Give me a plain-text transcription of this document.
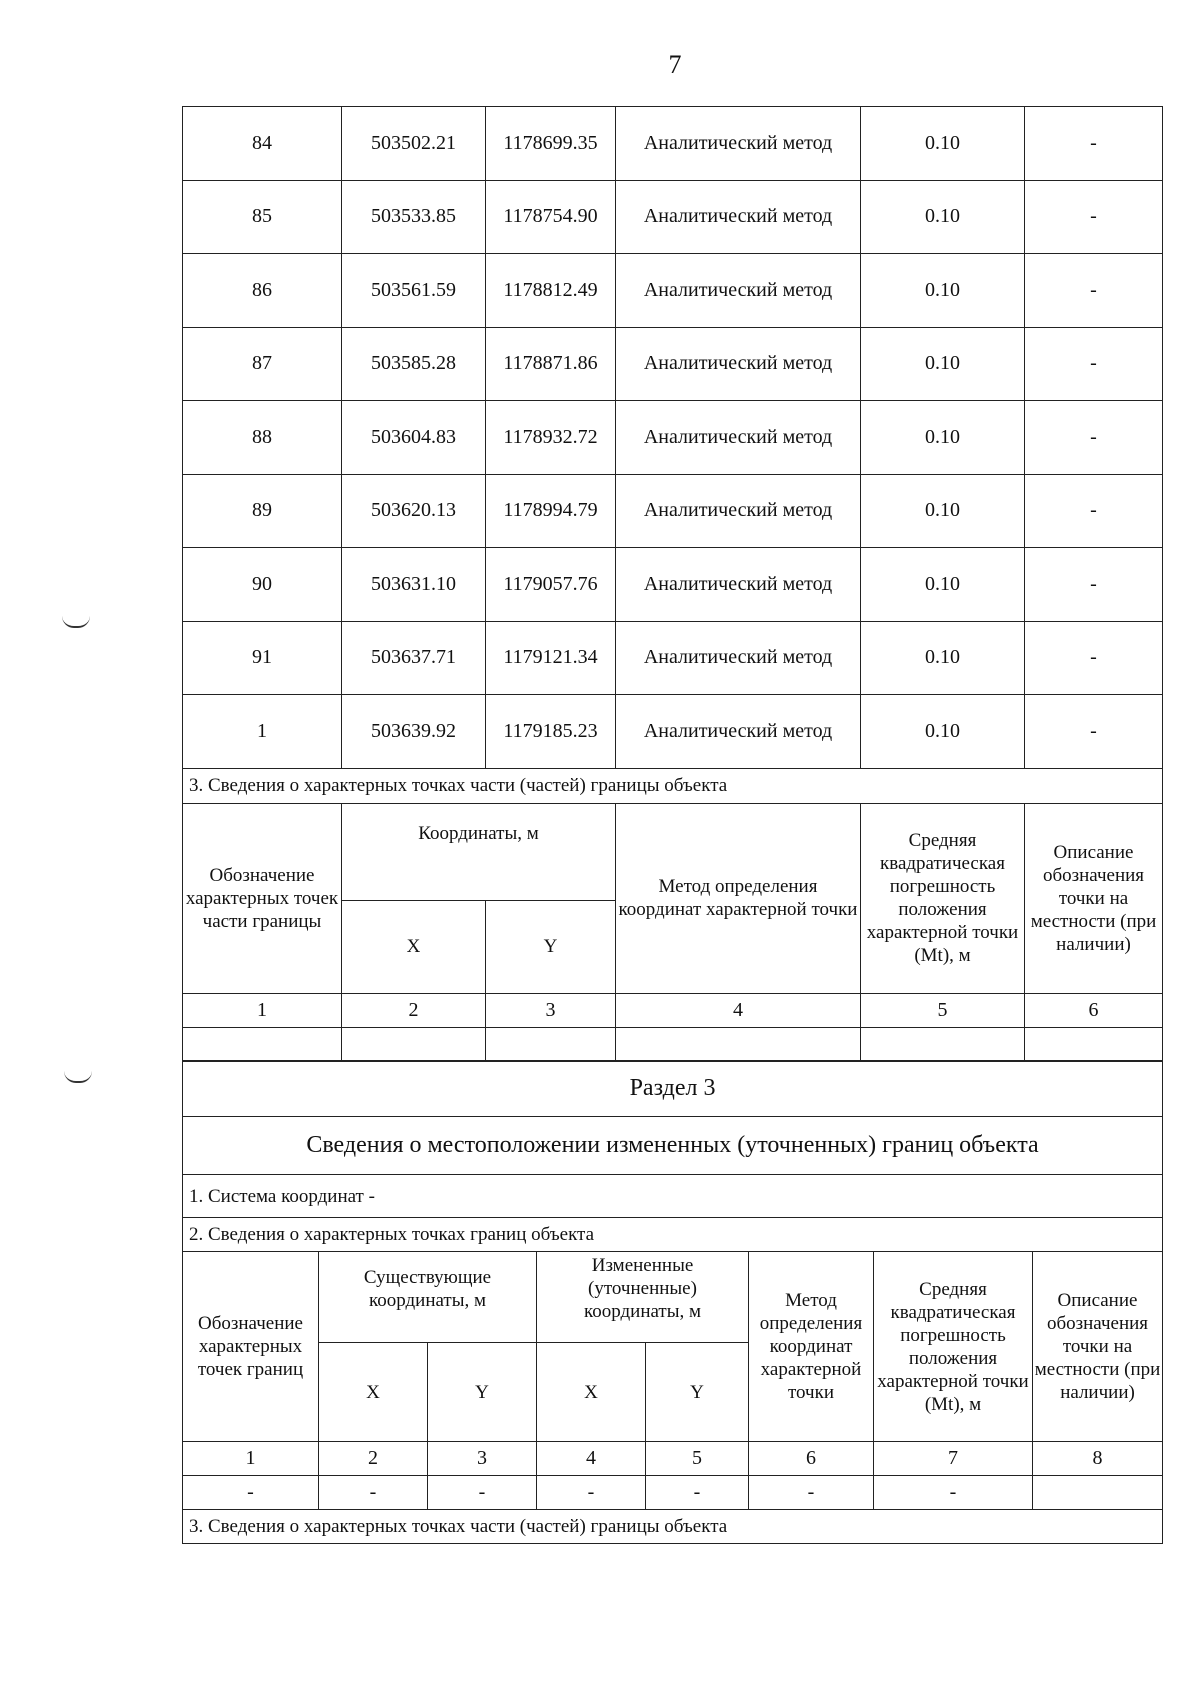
7
84	503502.21	1178699.35	Аналитический метод	0.10	-
85	503533.85	1178754.90	Аналитический метод	0.10	-
86	503561.59	1178812.49	Аналитический метод	0.10	-
87	503585.28	1178871.86	Аналитический метод	0.10	-
88	503604.83	1178932.72	Аналитический метод	0.10	-
89	503620.13	1178994.79	Аналитический метод	0.10	-
90	503631.10	1179057.76	Аналитический метод	0.10	-
91	503637.71	1179121.34	Аналитический метод	0.10	-
1	503639.92	1179185.23	Аналитический метод	0.10	-
3. Сведения о характерных точках части (частей) границы объекта					
Обозначение характерных точек части границы	Координаты, м		Метод определения координат характерной точки	Средняя квадратическая погрешность положения характерной точки (Mt), м	Описание обозначения точки на местности (при наличии)
	X	Y			
1	2	3	4	5	6

Раздел 3							
Сведения о местоположении измененных (уточненных) границ объекта							
1. Система координат -							
2. Сведения о характерных точках границ объекта							
Обозначение характерных точек границ	Существующие координаты, м		Измененные (уточненные) координаты, м		Метод определения координат характерной точки	Средняя квадратическая погрешность положения характерной точки (Mt), м	Описание обозначения точки на местности (при наличии)
	X	Y	X	Y			
1	2	3	4	5	6	7	8
-	-	-	-	-	-	-	
3. Сведения о характерных точках части (частей) границы объекта							
